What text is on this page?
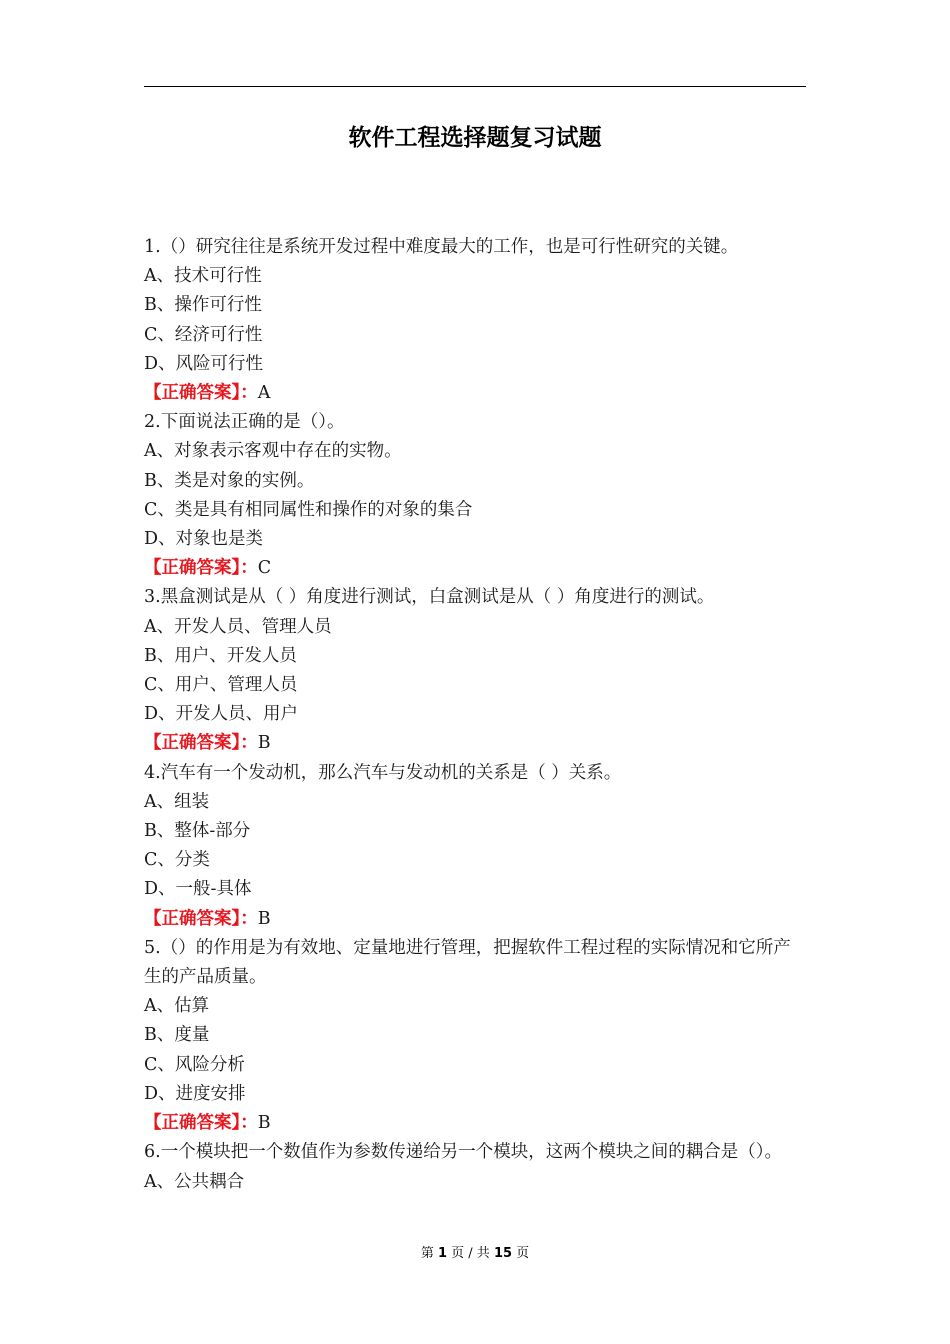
软件工程选择题复习试题
1.（）研究往往是系统开发过程中难度最大的工作，也是可行性研究的关键。
A、技术可行性
B、操作可行性
C、经济可行性
D、风险可行性
【正确答案】：A
2.下面说法正确的是（）。
A、对象表示客观中存在的实物。
B、类是对象的实例。
C、类是具有相同属性和操作的对象的集合
D、对象也是类
【正确答案】：C
3.黑盒测试是从（ ）角度进行测试，白盒测试是从（ ）角度进行的测试。
A、开发人员、管理人员
B、用户、开发人员
C、用户、管理人员
D、开发人员、用户
【正确答案】：B
4.汽车有一个发动机，那么汽车与发动机的关系是（ ）关系。
A、组装
B、整体-部分
C、分类
D、一般-具体
【正确答案】：B
5.（）的作用是为有效地、定量地进行管理，把握软件工程过程的实际情况和它所产生的产品质量。
A、估算
B、度量
C、风险分析
D、进度安排
【正确答案】：B
6.一个模块把一个数值作为参数传递给另一个模块，这两个模块之间的耦合是（）。
A、公共耦合
第 1 页 / 共 15 页
